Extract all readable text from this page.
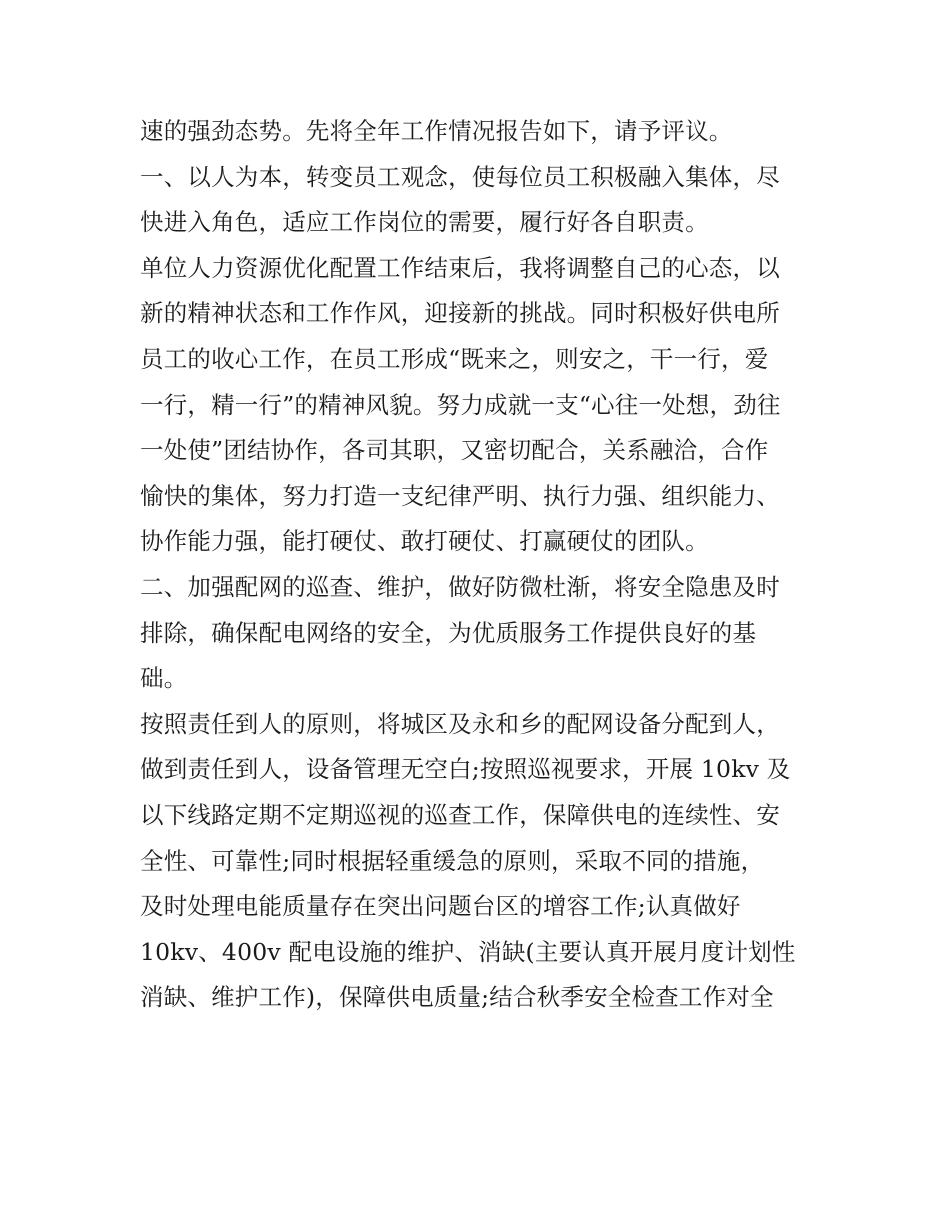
速的强劲态势。先将全年工作情况报告如下，请予评议。
一、以人为本，转变员工观念，使每位员工积极融入集体，尽
快进入角色，适应工作岗位的需要，履行好各自职责。
单位人力资源优化配置工作结束后，我将调整自己的心态，以
新的精神状态和工作作风，迎接新的挑战。同时积极好供电所
员工的收心工作，在员工形成“既来之，则安之，干一行，爱
一行，精一行”的精神风貌。努力成就一支“心往一处想，劲往
一处使”团结协作，各司其职，又密切配合，关系融洽，合作
愉快的集体，努力打造一支纪律严明、执行力强、组织能力、
协作能力强，能打硬仗、敢打硬仗、打赢硬仗的团队。
二、加强配网的巡查、维护，做好防微杜渐，将安全隐患及时
排除，确保配电网络的安全，为优质服务工作提供良好的基
础。
按照责任到人的原则，将城区及永和乡的配网设备分配到人，
做到责任到人，设备管理无空白;按照巡视要求，开展 10kv 及
以下线路定期不定期巡视的巡查工作，保障供电的连续性、安
全性、可靠性;同时根据轻重缓急的原则，采取不同的措施，
及时处理电能质量存在突出问题台区的增容工作;认真做好
10kv、400v 配电设施的维护、消缺(主要认真开展月度计划性
消缺、维护工作)，保障供电质量;结合秋季安全检查工作对全
